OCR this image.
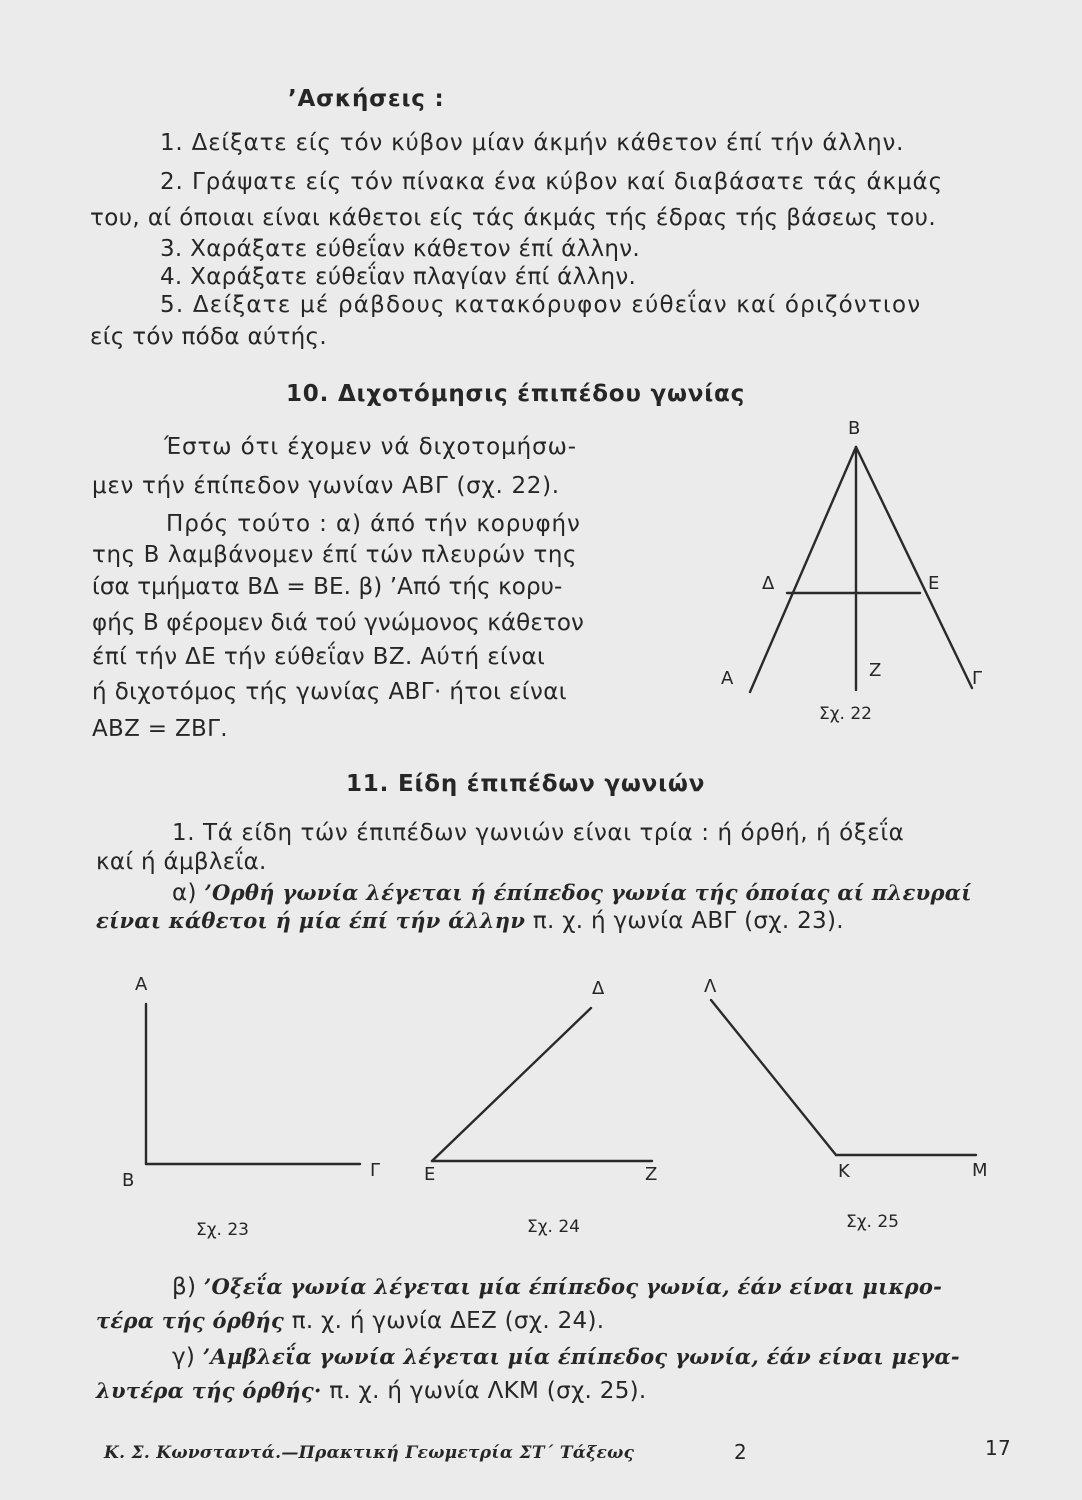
’Ασκήσεις :
1. Δείξατε είς τόν κύβον μίαν άκμήν κάθετον έπί τήν άλλην.
2. Γράψατε είς τόν πίνακα ένα κύβον καί διαβάσατε τάς άκμάς
του, αί όποιαι είναι κάθετοι είς τάς άκμάς τής έδρας τής βάσεως του.
3. Χαράξατε εύθεΐαν κάθετον έπί άλλην.
4. Χαράξατε εύθεΐαν πλαγίαν έπί άλλην.
5. Δείξατε μέ ράβδους κατακόρυφον εύθεΐαν καί όριζόντιον
είς τόν πόδα αύτής.
10. Διχοτόμησις έπιπέδου γωνίας
Έστω ότι έχομεν νά διχοτομήσω-
μεν τήν έπίπεδον γωνίαν ΑΒΓ (σχ. 22).
Πρός τούτο : α) άπό τήν κορυφήν
της Β λαμβάνομεν έπί τών πλευρών της
ίσα τμήματα ΒΔ = ΒΕ. β) ’Από τής κορυ-
φής Β φέρομεν διά τού γνώμονος κάθετον
έπί τήν ΔΕ τήν εύθεΐαν ΒΖ. Αύτή είναι
ή διχοτόμος τής γωνίας ΑΒΓ· ήτοι είναι
ΑΒΖ = ΖΒΓ.
Β
Δ	Ε
Α	Ζ	Γ
Σχ. 22
11. Είδη έπιπέδων γωνιών
1. Τά είδη τών έπιπέδων γωνιών είναι τρία : ή όρθή, ή όξεΐα
καί ή άμβλεΐα.
α) ’Ορθή γωνία λέγεται ή έπίπεδος γωνία τής όποίας αί πλευραί
είναι κάθετοι ή μία έπί τήν άλλην π. χ. ή γωνία ΑΒΓ (σχ. 23).
Α
Β	Γ
Σχ. 23
Δ
Ε	Ζ
Σχ. 24
Λ
Κ	Μ
Σχ. 25
β) ’Οξεΐα γωνία λέγεται μία έπίπεδος γωνία, έάν είναι μικρο-
τέρα τής όρθής π. χ. ή γωνία ΔΕΖ (σχ. 24).
γ) ’Αμβλεΐα γωνία λέγεται μία έπίπεδος γωνία, έάν είναι μεγα-
λυτέρα τής όρθής· π. χ. ή γωνία ΛΚΜ (σχ. 25).
Κ. Σ. Κωνσταντά.—Πρακτική Γεωμετρία ΣΤ΄ Τάξεως	2	17
